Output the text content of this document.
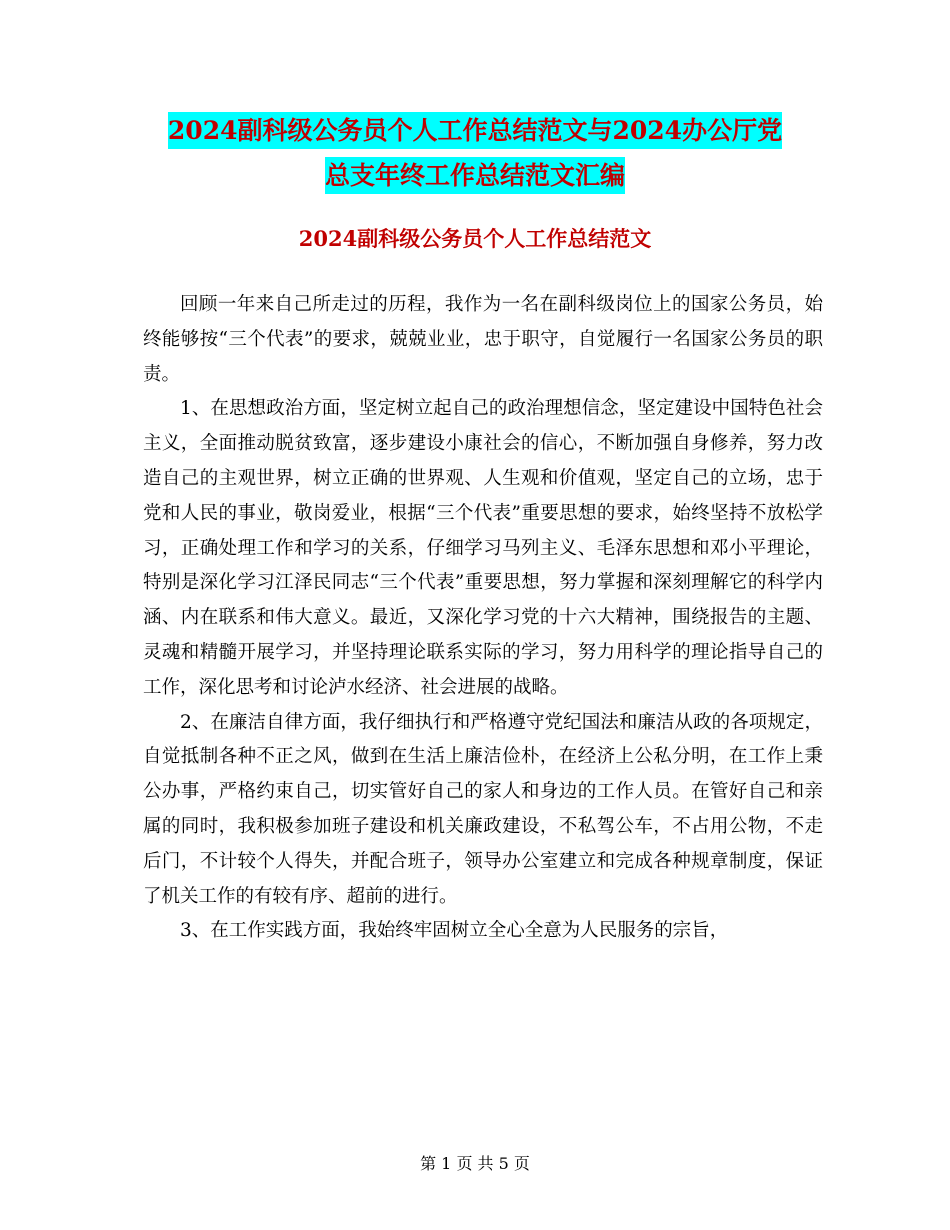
2024副科级公务员个人工作总结范文与2024办公厅党
总支年终工作总结范文汇编
2024副科级公务员个人工作总结范文

回顾一年来自己所走过的历程，我作为一名在副科级岗位上的国家公务员，始终能够按“三个代表”的要求，兢兢业业，忠于职守，自觉履行一名国家公务员的职责。

1、在思想政治方面，坚定树立起自己的政治理想信念，坚定建设中国特色社会主义，全面推动脱贫致富，逐步建设小康社会的信心，不断加强自身修养，努力改造自己的主观世界，树立正确的世界观、人生观和价值观，坚定自己的立场，忠于党和人民的事业，敬岗爱业，根据“三个代表”重要思想的要求，始终坚持不放松学习，正确处理工作和学习的关系，仔细学习马列主义、毛泽东思想和邓小平理论，特别是深化学习江泽民同志“三个代表”重要思想，努力掌握和深刻理解它的科学内涵、内在联系和伟大意义。最近，又深化学习党的十六大精神，围绕报告的主题、灵魂和精髓开展学习，并坚持理论联系实际的学习，努力用科学的理论指导自己的工作，深化思考和讨论泸水经济、社会进展的战略。

2、在廉洁自律方面，我仔细执行和严格遵守党纪国法和廉洁从政的各项规定，自觉抵制各种不正之风，做到在生活上廉洁俭朴，在经济上公私分明，在工作上秉公办事，严格约束自己，切实管好自己的家人和身边的工作人员。在管好自己和亲属的同时，我积极参加班子建设和机关廉政建设，不私驾公车，不占用公物，不走后门，不计较个人得失，并配合班子，领导办公室建立和完成各种规章制度，保证了机关工作的有较有序、超前的进行。

3、在工作实践方面，我始终牢固树立全心全意为人民服务的宗旨，

第 1 页 共 5 页
